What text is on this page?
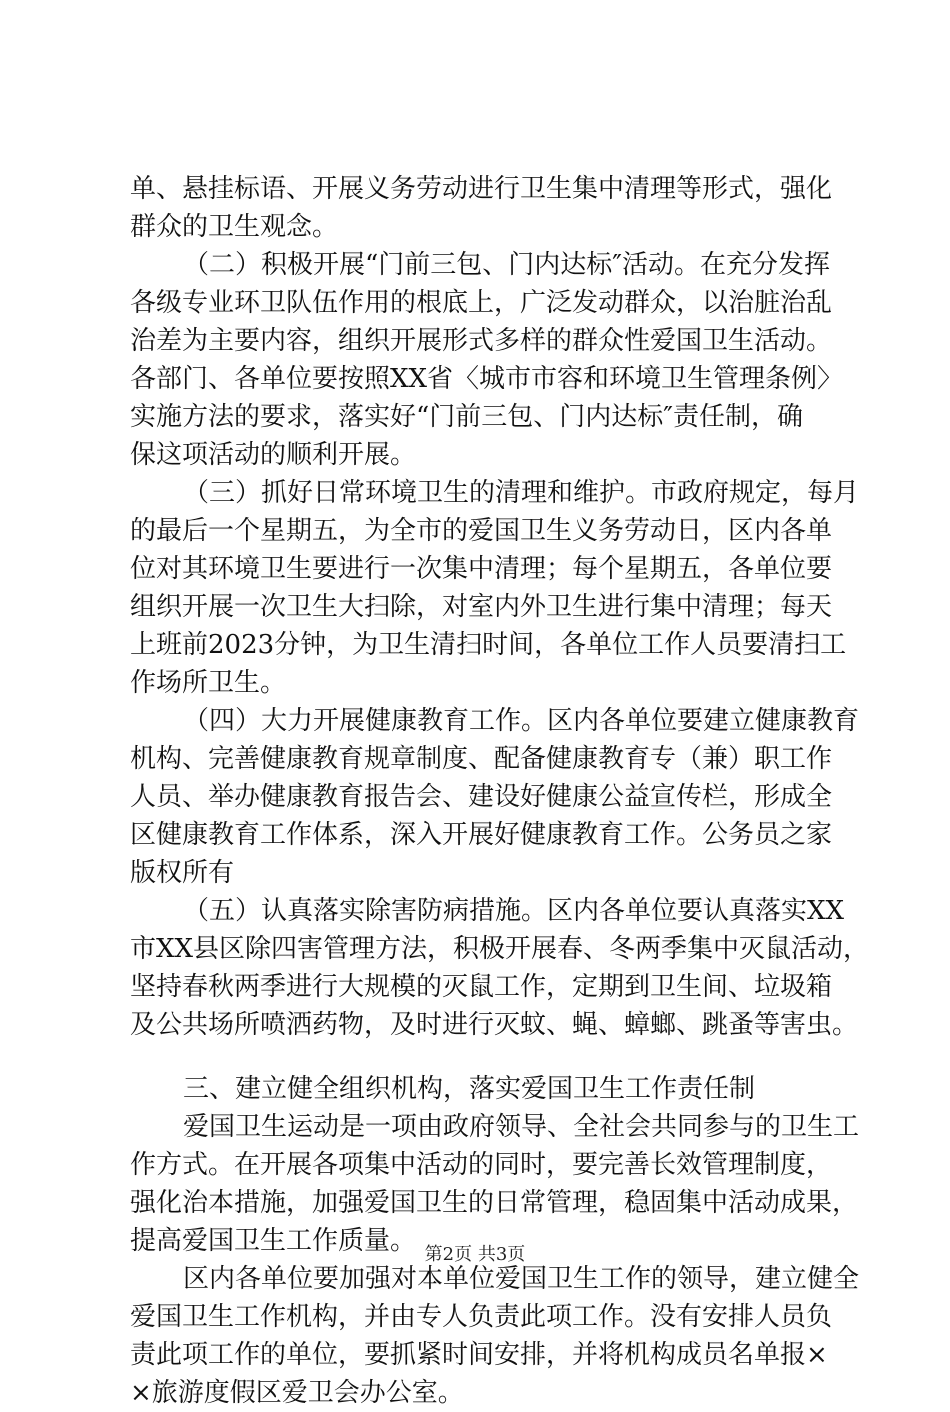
单、悬挂标语、开展义务劳动进行卫生集中清理等形式，强化
群众的卫生观念。
（二）积极开展“门前三包、门内达标″活动。在充分发挥
各级专业环卫队伍作用的根底上，广泛发动群众，以治脏治乱
治差为主要内容，组织开展形式多样的群众性爱国卫生活动。
各部门、各单位要按照XX省〈城市市容和环境卫生管理条例〉
实施方法的要求，落实好“门前三包、门内达标″责任制，确
保这项活动的顺利开展。
（三）抓好日常环境卫生的清理和维护。市政府规定，每月
的最后一个星期五，为全市的爱国卫生义务劳动日，区内各单
位对其环境卫生要进行一次集中清理；每个星期五，各单位要
组织开展一次卫生大扫除，对室内外卫生进行集中清理；每天
上班前2023分钟，为卫生清扫时间，各单位工作人员要清扫工
作场所卫生。
（四）大力开展健康教育工作。区内各单位要建立健康教育
机构、完善健康教育规章制度、配备健康教育专（兼）职工作
人员、举办健康教育报告会、建设好健康公益宣传栏，形成全
区健康教育工作体系，深入开展好健康教育工作。公务员之家
版权所有
（五）认真落实除害防病措施。区内各单位要认真落实XX
市XX县区除四害管理方法，积极开展春、冬两季集中灭鼠活动，
坚持春秋两季进行大规模的灭鼠工作，定期到卫生间、垃圾箱
及公共场所喷洒药物，及时进行灭蚊、蝇、蟑螂、跳蚤等害虫。
三、建立健全组织机构，落实爱国卫生工作责任制
爱国卫生运动是一项由政府领导、全社会共同参与的卫生工
作方式。在开展各项集中活动的同时，要完善长效管理制度，
强化治本措施，加强爱国卫生的日常管理，稳固集中活动成果，
提高爱国卫生工作质量。
区内各单位要加强对本单位爱国卫生工作的领导，建立健全
爱国卫生工作机构，并由专人负责此项工作。没有安排人员负
责此项工作的单位，要抓紧时间安排，并将机构成员名单报×
×旅游度假区爱卫会办公室。
第2页 共3页
